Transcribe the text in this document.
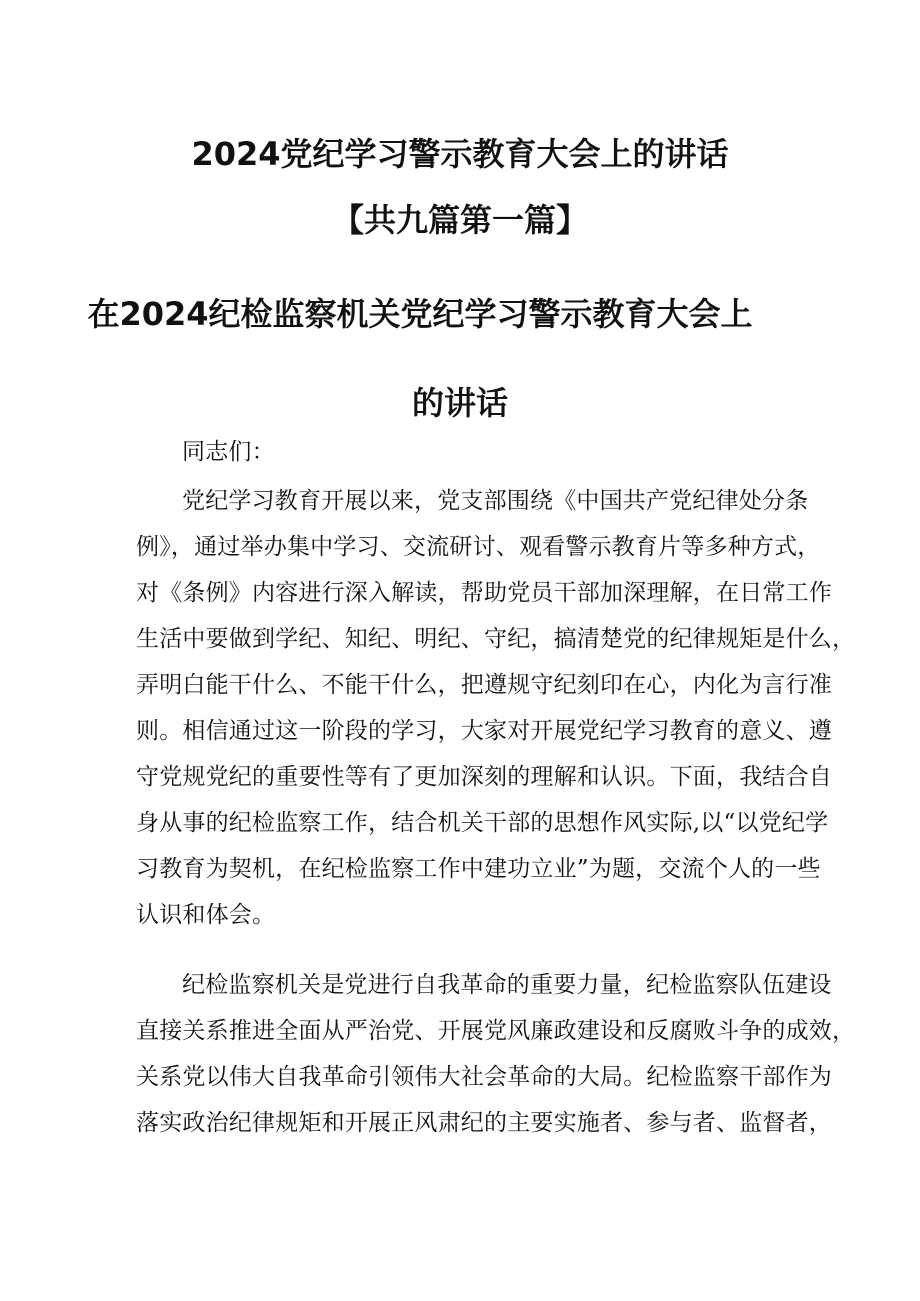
2024党纪学习警示教育大会上的讲话
【共九篇第一篇】
在2024纪检监察机关党纪学习警示教育大会上
的讲话
同志们：
党纪学习教育开展以来，党支部围绕《中国共产党纪律处分条
例》，通过举办集中学习、交流研讨、观看警示教育片等多种方式，
对《条例》内容进行深入解读，帮助党员干部加深理解，在日常工作
生活中要做到学纪、知纪、明纪、守纪，搞清楚党的纪律规矩是什么，
弄明白能干什么、不能干什么，把遵规守纪刻印在心，内化为言行准
则。相信通过这一阶段的学习，大家对开展党纪学习教育的意义、遵
守党规党纪的重要性等有了更加深刻的理解和认识。下面，我结合自
身从事的纪检监察工作，结合机关干部的思想作风实际,以“以党纪学
习教育为契机，在纪检监察工作中建功立业”为题，交流个人的一些
认识和体会。
纪检监察机关是党进行自我革命的重要力量，纪检监察队伍建设
直接关系推进全面从严治党、开展党风廉政建设和反腐败斗争的成效，
关系党以伟大自我革命引领伟大社会革命的大局。纪检监察干部作为
落实政治纪律规矩和开展正风肃纪的主要实施者、参与者、监督者，
